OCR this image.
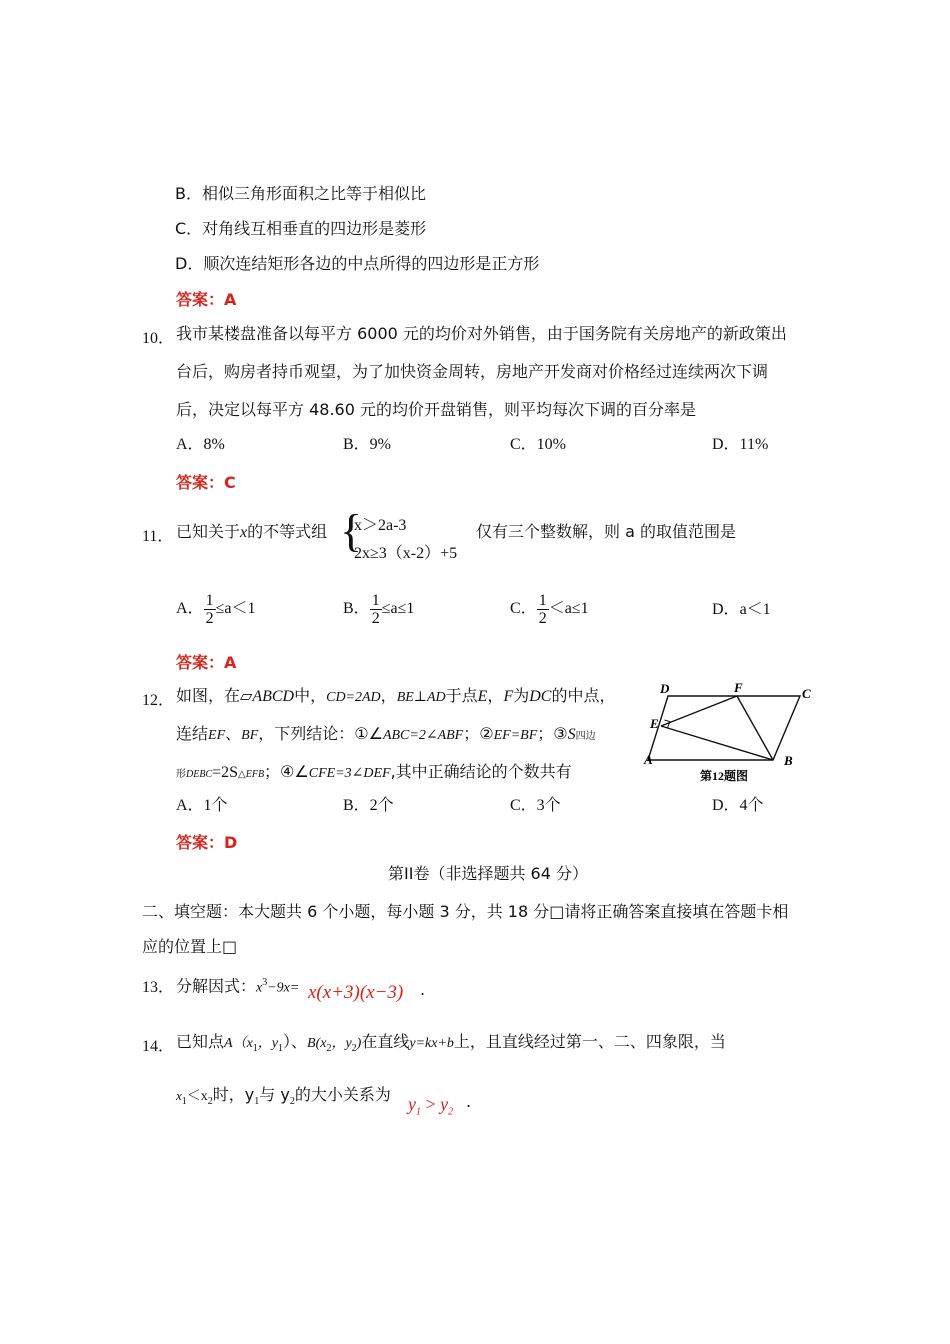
B．相似三角形面积之比等于相似比
C．对角线互相垂直的四边形是菱形
D．顺次连结矩形各边的中点所得的四边形是正方形
答案：A
10． 我市某楼盘准备以每平方 6000 元的均价对外销售，由于国务院有关房地产的新政策出
台后，购房者持币观望，为了加快资金周转，房地产开发商对价格经过连续两次下调
后，决定以每平方 48.60 元的均价开盘销售，则平均每次下调的百分率是
A．8%	B．9%	C．10%	D．11%
答案：C
11． 已知关于x的不等式组 {
x＞2a-3
2x≥3（x-2）+5
仅有三个整数解，则 a 的取值范围是
A． $\frac{1}{2} \le a<1$	B． $\frac{1}{2} \le a\le 1$	C． $\frac{1}{2} <a\le 1$	D．a＜1
答案：A
12． 如图，在▱ABCD中，CD=2AD，BE⊥AD于点E，F为DC的中点，
连结EF、BF，下列结论：①∠ABC=2∠ABF；②EF=BF；③S四边
形DEBC=2S△EFB；④∠CFE=3∠DEF,其中正确结论的个数共有
D	F	C
E
A	B
第12题图
A．1个	B．2个	C．3个	D．4个
答案：D
第II卷（非选择题共 64 分）
二、填空题：本大题共 6 个小题，每小题 3 分，共 18 分□请将正确答案直接填在答题卡相
应的位置上□
13． 分解因式：$x^3-9x= x(x+3)(x-3)$ .
14． 已知点$A(x_1$，$y_1$）、$B(x_2$，$y_2$)在直线y=kx+b上，且直线经过第一、二、四象限，当
$x_1<x_2$时，$y_1$与 $y_2$的大小关系为 $y_1 > y_2$
.
